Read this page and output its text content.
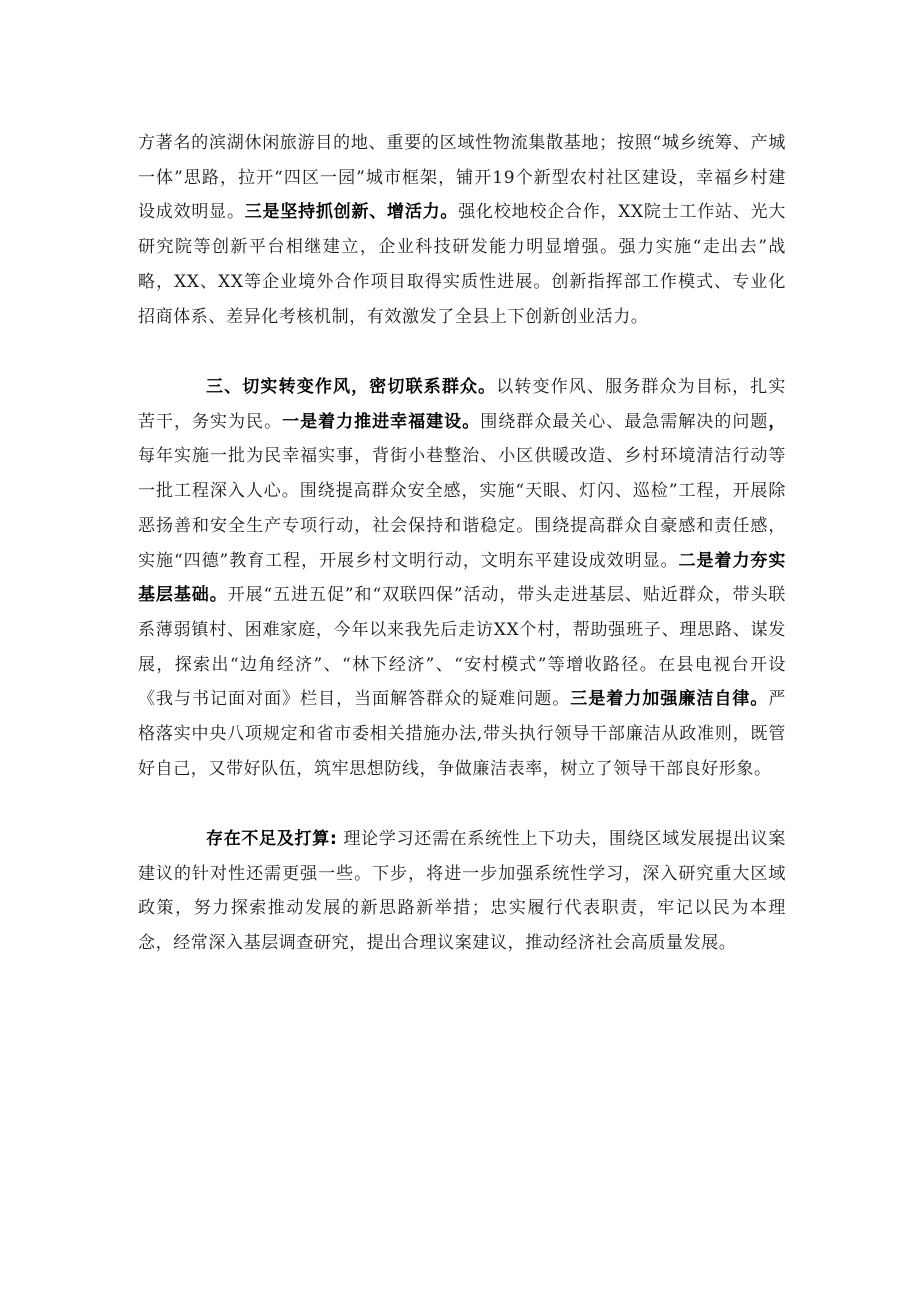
方著名的滨湖休闲旅游目的地、重要的区域性物流集散基地；按照“城乡统筹、产城一体”思路，拉开“四区一园”城市框架，铺开19个新型农村社区建设，幸福乡村建设成效明显。三是坚持抓创新、增活力。强化校地校企合作，XX院士工作站、光大研究院等创新平台相继建立，企业科技研发能力明显增强。强力实施“走出去”战略，XX、XX等企业境外合作项目取得实质性进展。创新指挥部工作模式、专业化招商体系、差异化考核机制，有效激发了全县上下创新创业活力。

三、切实转变作风，密切联系群众。以转变作风、服务群众为目标，扎实苦干，务实为民。一是着力推进幸福建设。围绕群众最关心、最急需解决的问题，每年实施一批为民幸福实事，背街小巷整治、小区供暖改造、乡村环境清洁行动等一批工程深入人心。围绕提高群众安全感，实施“天眼、灯闪、巡检”工程，开展除恶扬善和安全生产专项行动，社会保持和谐稳定。围绕提高群众自豪感和责任感，实施“四德”教育工程，开展乡村文明行动，文明东平建设成效明显。二是着力夯实基层基础。开展“五进五促”和“双联四保”活动，带头走进基层、贴近群众，带头联系薄弱镇村、困难家庭，今年以来我先后走访XX个村，帮助强班子、理思路、谋发展，探索出“边角经济”、“林下经济”、“安村模式”等增收路径。在县电视台开设《我与书记面对面》栏目，当面解答群众的疑难问题。三是着力加强廉洁自律。严格落实中央八项规定和省市委相关措施办法,带头执行领导干部廉洁从政准则，既管好自己，又带好队伍，筑牢思想防线，争做廉洁表率，树立了领导干部良好形象。

存在不足及打算: 理论学习还需在系统性上下功夫，围绕区域发展提出议案建议的针对性还需更强一些。下步，将进一步加强系统性学习，深入研究重大区域政策，努力探索推动发展的新思路新举措；忠实履行代表职责，牢记以民为本理念，经常深入基层调查研究，提出合理议案建议，推动经济社会高质量发展。
